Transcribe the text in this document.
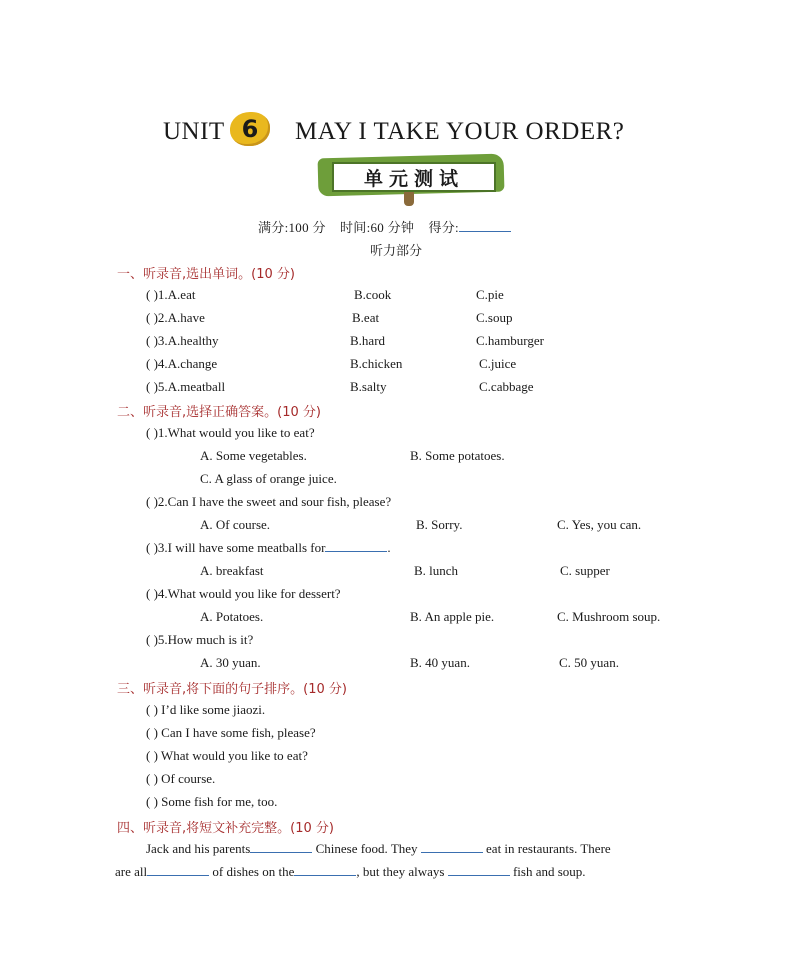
UNIT 6	MAY I TAKE YOUR ORDER?
单元测试
满分:100 分 时间:60 分钟 得分:
听力部分
一、听录音,选出单词。(10 分)
( )1.A.eat	B.cook	C.pie
( )2.A.have	B.eat	C.soup
( )3.A.healthy	B.hard	C.hamburger
( )4.A.change	B.chicken	C.juice
( )5.A.meatball	B.salty	C.cabbage
二、听录音,选择正确答案。(10 分)
( )1.What would you like to eat?
A. Some vegetables.	B. Some potatoes.
C. A glass of orange juice.
( )2.Can I have the sweet and sour fish, please?
A. Of course.	B. Sorry.	C. Yes, you can.
( )3.I will have some meatballs for	.
A. breakfast	B. lunch	C. supper
( )4.What would you like for dessert?
A. Potatoes.	B. An apple pie.	C. Mushroom soup.
( )5.How much is it?
A. 30 yuan.	B. 40 yuan.	C. 50 yuan.
三、听录音,将下面的句子排序。(10 分)
( ) I’d like some jiaozi.
( ) Can I have some fish, please?
( ) What would you like to eat?
( ) Of course.
( ) Some fish for me, too.
四、听录音,将短文补充完整。(10 分)
Jack and his parents	Chinese food. They	eat in restaurants. There
are all	of dishes on the	, but they always	fish and soup.
